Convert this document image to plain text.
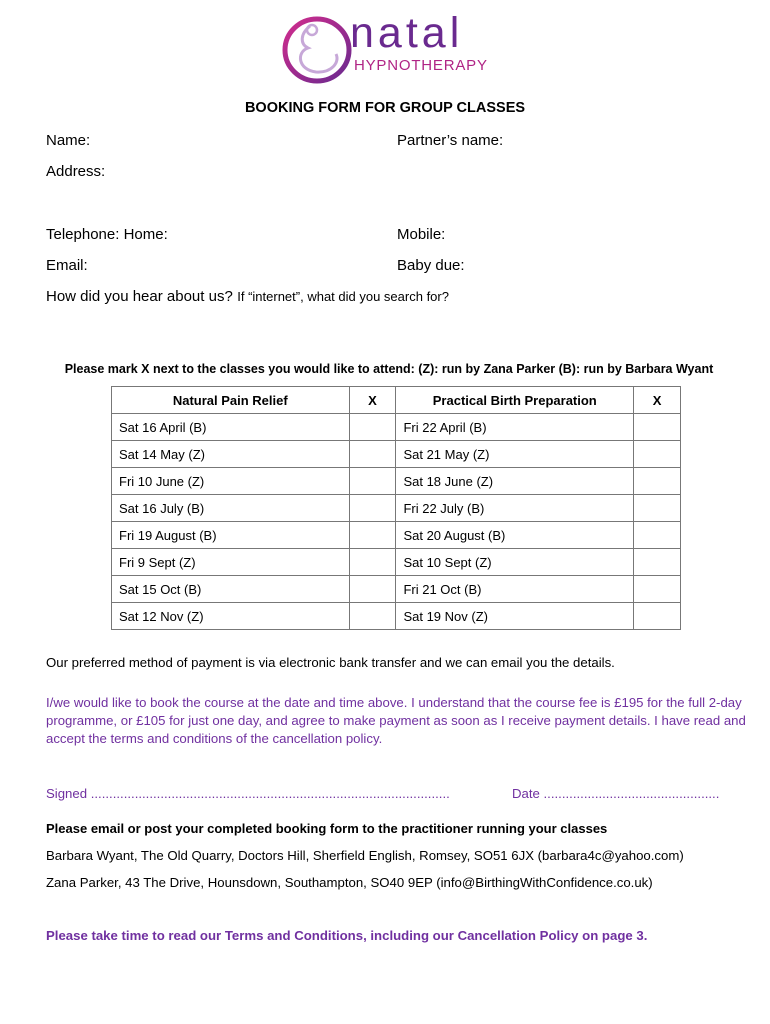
natal
HYPNOTHERAPY
BOOKING FORM FOR GROUP CLASSES
Name:	Partner’s name:
Address:
Telephone: Home:	Mobile:
Email:	Baby due:
How did you hear about us? If “internet”, what did you search for?
Please mark X next to the classes you would like to attend: (Z): run by Zana Parker (B): run by Barbara Wyant
Natural Pain Relief	X	Practical Birth Preparation	X
Sat 16 April (B)		Fri 22 April (B)	
Sat 14 May (Z)		Sat 21 May (Z)	
Fri 10 June (Z)		Sat 18 June (Z)	
Sat 16 July (B)		Fri 22 July (B)	
Fri 19 August (B)		Sat 20 August (B)	
Fri 9 Sept (Z)		Sat 10 Sept (Z)	
Sat 15 Oct (B)		Fri 21 Oct (B)	
Sat 12 Nov (Z)		Sat 19 Nov (Z)	
Our preferred method of payment is via electronic bank transfer and we can email you the details.
I/we would like to book the course at the date and time above. I understand that the course fee is £195 for the full 2-day programme, or £105 for just one day, and agree to make payment as soon as I receive payment details. I have read and accept the terms and conditions of the cancellation policy.
Signed ..................................................................................................	Date ................................................
Please email or post your completed booking form to the practitioner running your classes
Barbara Wyant, The Old Quarry, Doctors Hill, Sherfield English, Romsey, SO51 6JX (barbara4c@yahoo.com)
Zana Parker, 43 The Drive, Hounsdown, Southampton, SO40 9EP (info@BirthingWithConfidence.co.uk)
Please take time to read our Terms and Conditions, including our Cancellation Policy on page 3.
